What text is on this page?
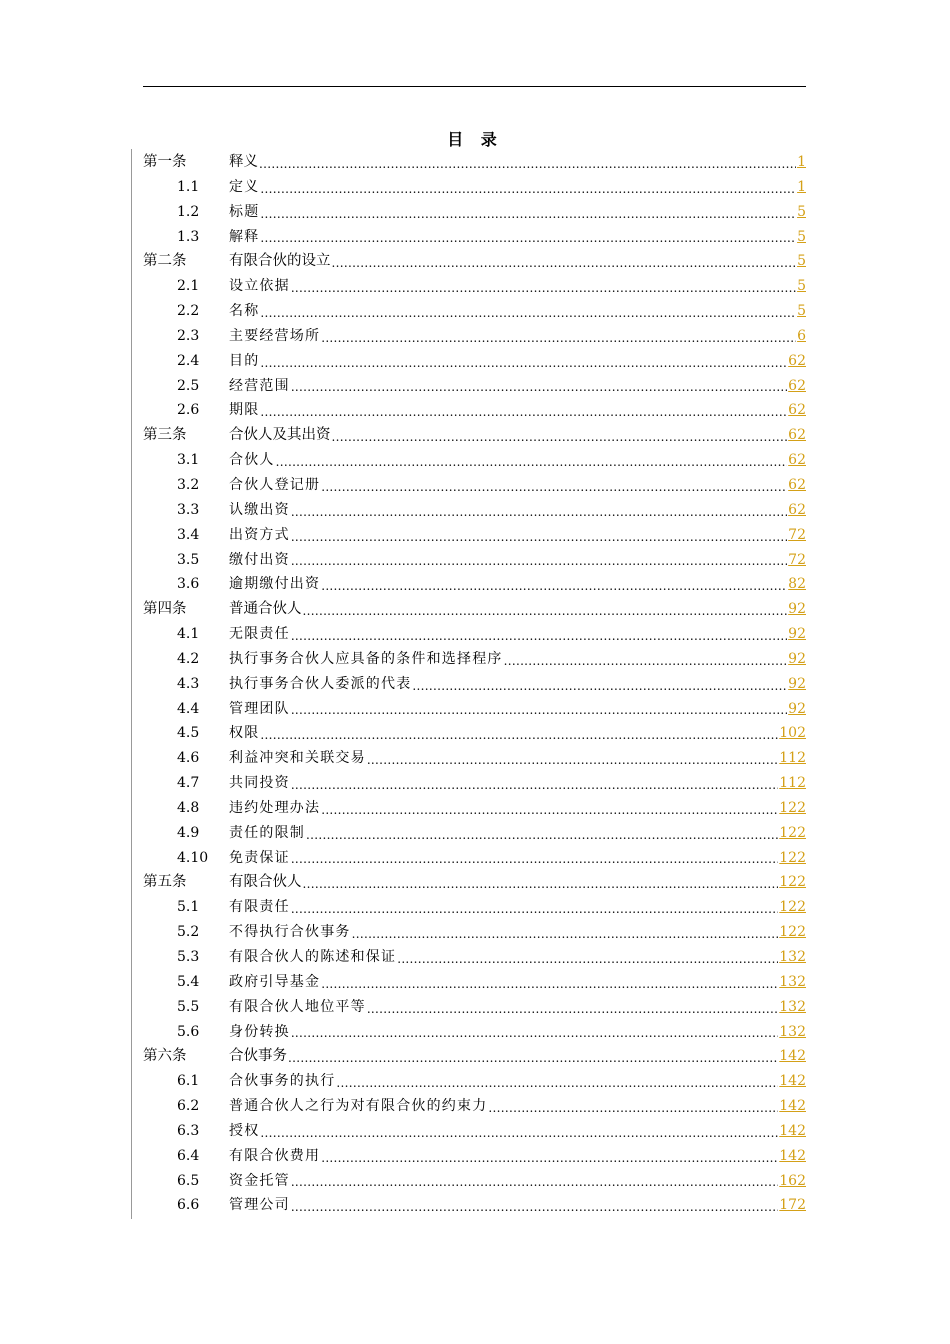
目 录
第一条	释义 .....	1
1.1	定义 .....	1
1.2	标题 .....	5
1.3	解释 .....	5
第二条	有限合伙的设立 .....	5
2.1	设立依据 .....	5
2.2	名称 .....	5
2.3	主要经营场所 .....	6
2.4	目的 .....	62
2.5	经营范围 .....	62
2.6	期限 .....	62
第三条	合伙人及其出资 .....	62
3.1	合伙人 .....	62
3.2	合伙人登记册 .....	62
3.3	认缴出资 .....	62
3.4	出资方式 .....	72
3.5	缴付出资 .....	72
3.6	逾期缴付出资 .....	82
第四条	普通合伙人 .....	92
4.1	无限责任 .....	92
4.2	执行事务合伙人应具备的条件和选择程序 .....	92
4.3	执行事务合伙人委派的代表 .....	92
4.4	管理团队 .....	92
4.5	权限 .....	102
4.6	利益冲突和关联交易 .....	112
4.7	共同投资 .....	112
4.8	违约处理办法 .....	122
4.9	责任的限制 .....	122
4.10	免责保证 .....	122
第五条	有限合伙人 .....	122
5.1	有限责任 .....	122
5.2	不得执行合伙事务 .....	122
5.3	有限合伙人的陈述和保证 .....	132
5.4	政府引导基金 .....	132
5.5	有限合伙人地位平等 .....	132
5.6	身份转换 .....	132
第六条	合伙事务 .....	142
6.1	合伙事务的执行 .....	142
6.2	普通合伙人之行为对有限合伙的约束力 .....	142
6.3	授权 .....	142
6.4	有限合伙费用 .....	142
6.5	资金托管 .....	162
6.6	管理公司 .....	172
